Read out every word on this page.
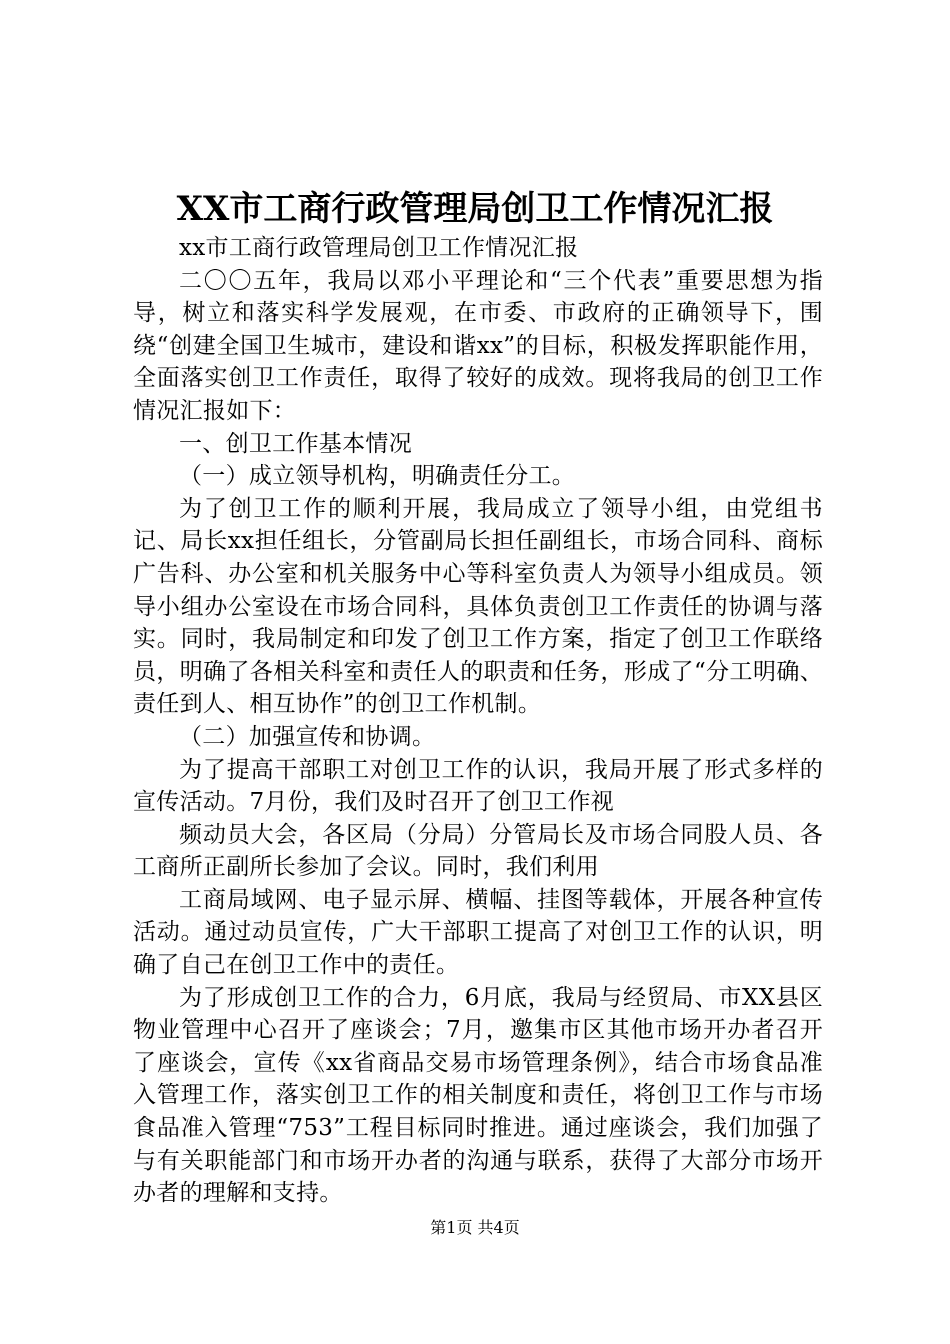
XX市工商行政管理局创卫工作情况汇报

xx市工商行政管理局创卫工作情况汇报

二〇〇五年，我局以邓小平理论和“三个代表”重要思想为指导，树立和落实科学发展观，在市委、市政府的正确领导下，围绕“创建全国卫生城市，建设和谐xx”的目标，积极发挥职能作用，全面落实创卫工作责任，取得了较好的成效。现将我局的创卫工作情况汇报如下：

一、创卫工作基本情况

（一）成立领导机构，明确责任分工。

为了创卫工作的顺利开展，我局成立了领导小组，由党组书记、局长xx担任组长，分管副局长担任副组长，市场合同科、商标广告科、办公室和机关服务中心等科室负责人为领导小组成员。领导小组办公室设在市场合同科，具体负责创卫工作责任的协调与落实。同时，我局制定和印发了创卫工作方案，指定了创卫工作联络员，明确了各相关科室和责任人的职责和任务，形成了“分工明确、责任到人、相互协作”的创卫工作机制。

（二）加强宣传和协调。

为了提高干部职工对创卫工作的认识，我局开展了形式多样的宣传活动。7月份，我们及时召开了创卫工作视

频动员大会，各区局（分局）分管局长及市场合同股人员、各工商所正副所长参加了会议。同时，我们利用

工商局域网、电子显示屏、横幅、挂图等载体，开展各种宣传活动。通过动员宣传，广大干部职工提高了对创卫工作的认识，明确了自己在创卫工作中的责任。

为了形成创卫工作的合力，6月底，我局与经贸局、市XX县区物业管理中心召开了座谈会；7月，邀集市区其他市场开办者召开了座谈会，宣传《xx省商品交易市场管理条例》，结合市场食品准入管理工作，落实创卫工作的相关制度和责任，将创卫工作与市场食品准入管理“753”工程目标同时推进。通过座谈会，我们加强了与有关职能部门和市场开办者的沟通与联系，获得了大部分市场开办者的理解和支持。

第1页 共4页
